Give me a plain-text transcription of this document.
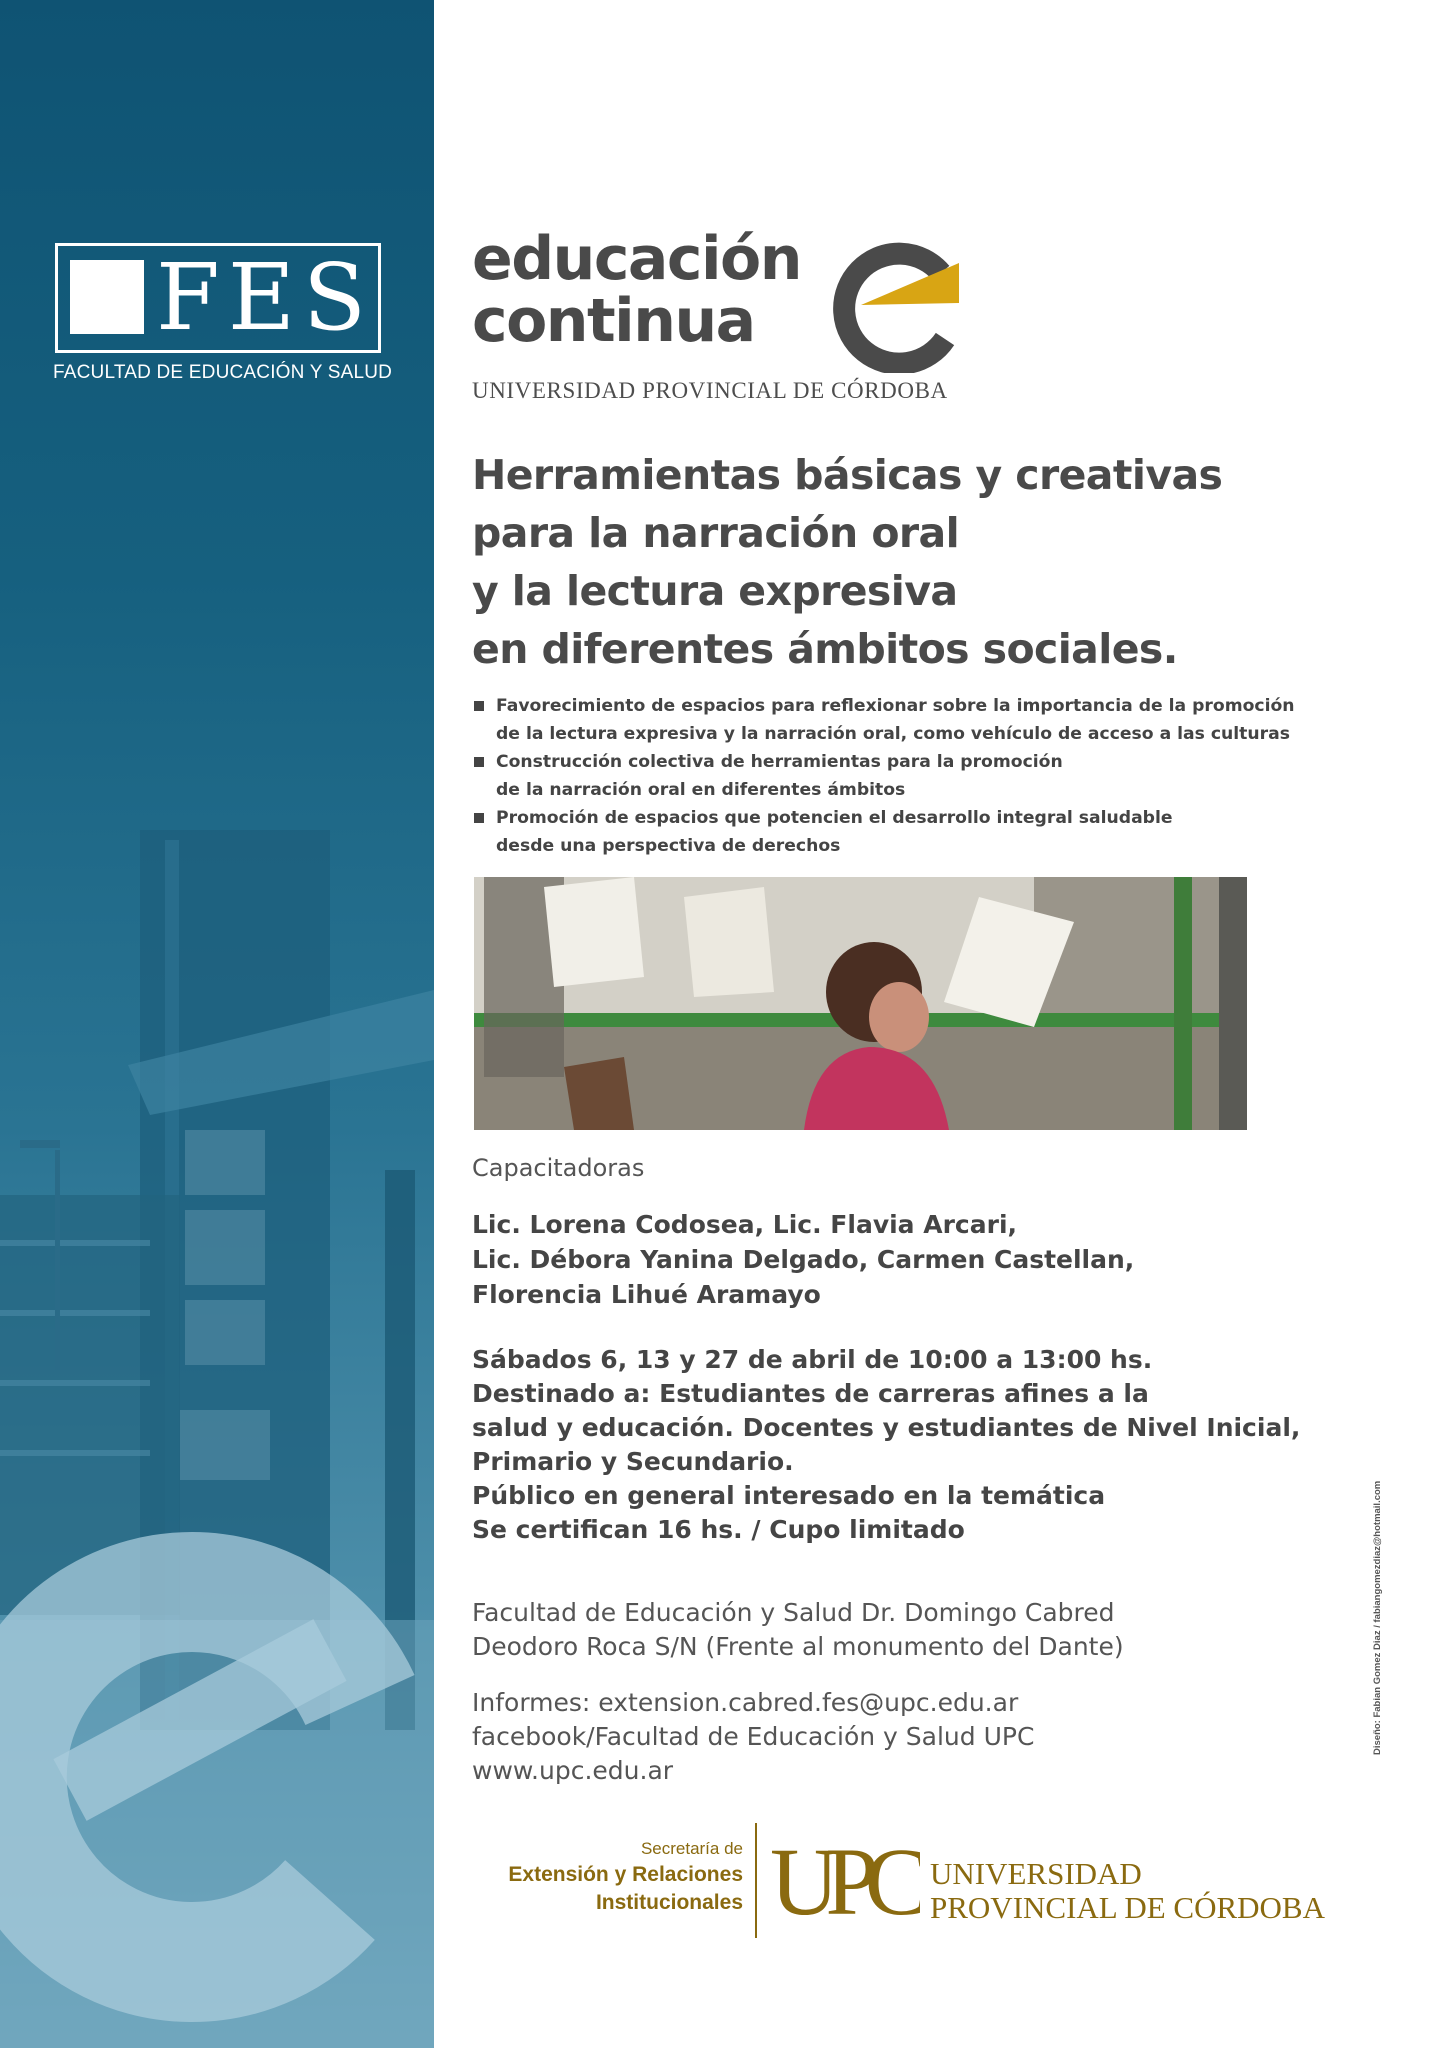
FES
FACULTAD DE EDUCACIÓN Y SALUD
educación
continua
UNIVERSIDAD PROVINCIAL DE CÓRDOBA
Herramientas básicas y creativas
para la narración oral
y la lectura expresiva
en diferentes ámbitos sociales.
Favorecimiento de espacios para reflexionar sobre la importancia de la promoción
de la lectura expresiva y la narración oral, como vehículo de acceso a las culturas
Construcción colectiva de herramientas para la promoción
de la narración oral en diferentes ámbitos
Promoción de espacios que potencien el desarrollo integral saludable
desde una perspectiva de derechos
Capacitadoras
Lic. Lorena Codosea, Lic. Flavia Arcari,
Lic. Débora Yanina Delgado, Carmen Castellan,
Florencia Lihué Aramayo
Sábados 6, 13 y 27 de abril de 10:00 a 13:00 hs.
Destinado a: Estudiantes de carreras afines a la
salud y educación. Docentes y estudiantes de Nivel Inicial,
Primario y Secundario.
Público en general interesado en la temática
Se certifican 16 hs. / Cupo limitado
Facultad de Educación y Salud Dr. Domingo Cabred
Deodoro Roca S/N (Frente al monumento del Dante)
Informes: extension.cabred.fes@upc.edu.ar
facebook/Facultad de Educación y Salud UPC
www.upc.edu.ar
Diseño: Fabian Gomez Diaz / fabiangomezdiaz@hotmail.com
Secretaría de
Extensión y Relaciones
Institucionales UPC UNIVERSIDAD
PROVINCIAL DE CÓRDOBA
